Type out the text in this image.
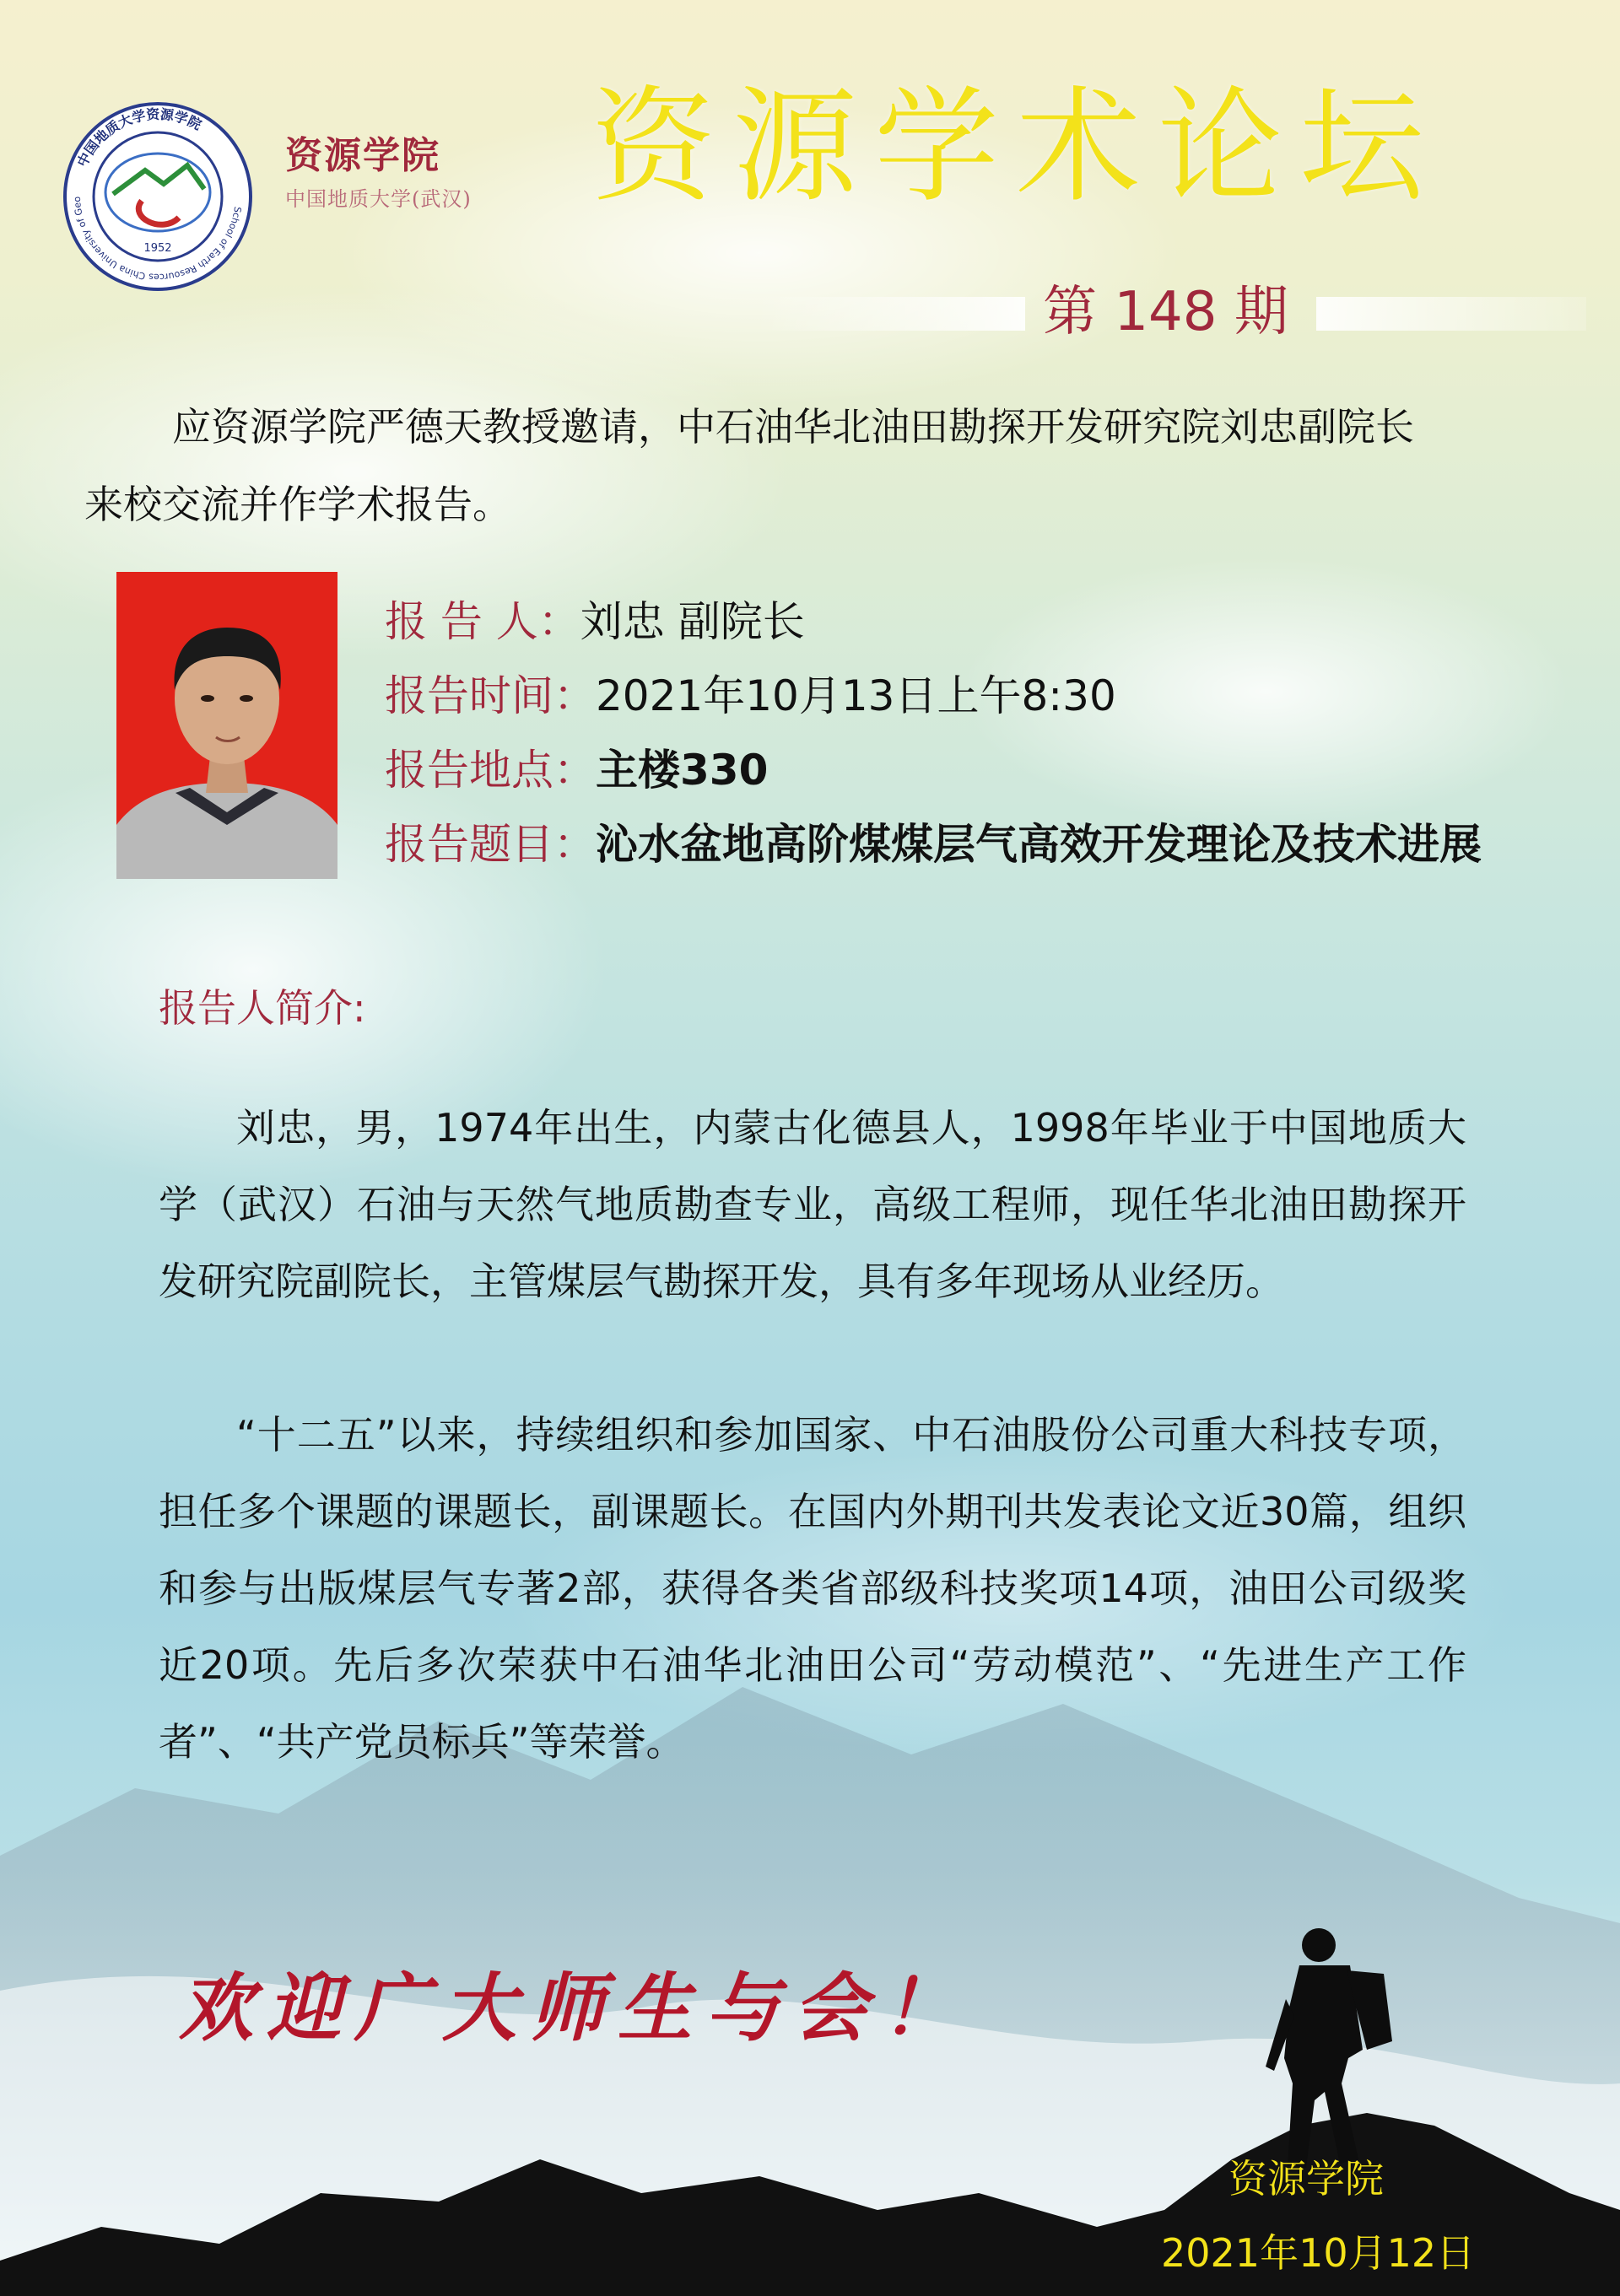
中国地质大学资源学院
School of Earth Resources China University of Geo
1952
资源学院
中国地质大学(武汉) 资源学术论坛
第 148 期
应资源学院严德天教授邀请，中石油华北油田勘探开发研究院刘忠副院长
来校交流并作学术报告。
报 告 人：刘忠 副院长
报告时间：2021年10月13日上午8:30
报告地点：主楼330
报告题目：沁水盆地高阶煤煤层气高效开发理论及技术进展
报告人简介:

刘忠，男，1974年出生，内蒙古化德县人，1998年毕业于中国地质大学（武汉）石油与天然气地质勘查专业，高级工程师，现任华北油田勘探开发研究院副院长，主管煤层气勘探开发，具有多年现场从业经历。

“十二五”以来，持续组织和参加国家、中石油股份公司重大科技专项，担任多个课题的课题长，副课题长。在国内外期刊共发表论文近30篇，组织和参与出版煤层气专著2部，获得各类省部级科技奖项14项，油田公司级奖近20项。先后多次荣获中石油华北油田公司“劳动模范”、“先进生产工作者”、“共产党员标兵”等荣誉。

欢迎广大师生与会！
资源学院
2021年10月12日
